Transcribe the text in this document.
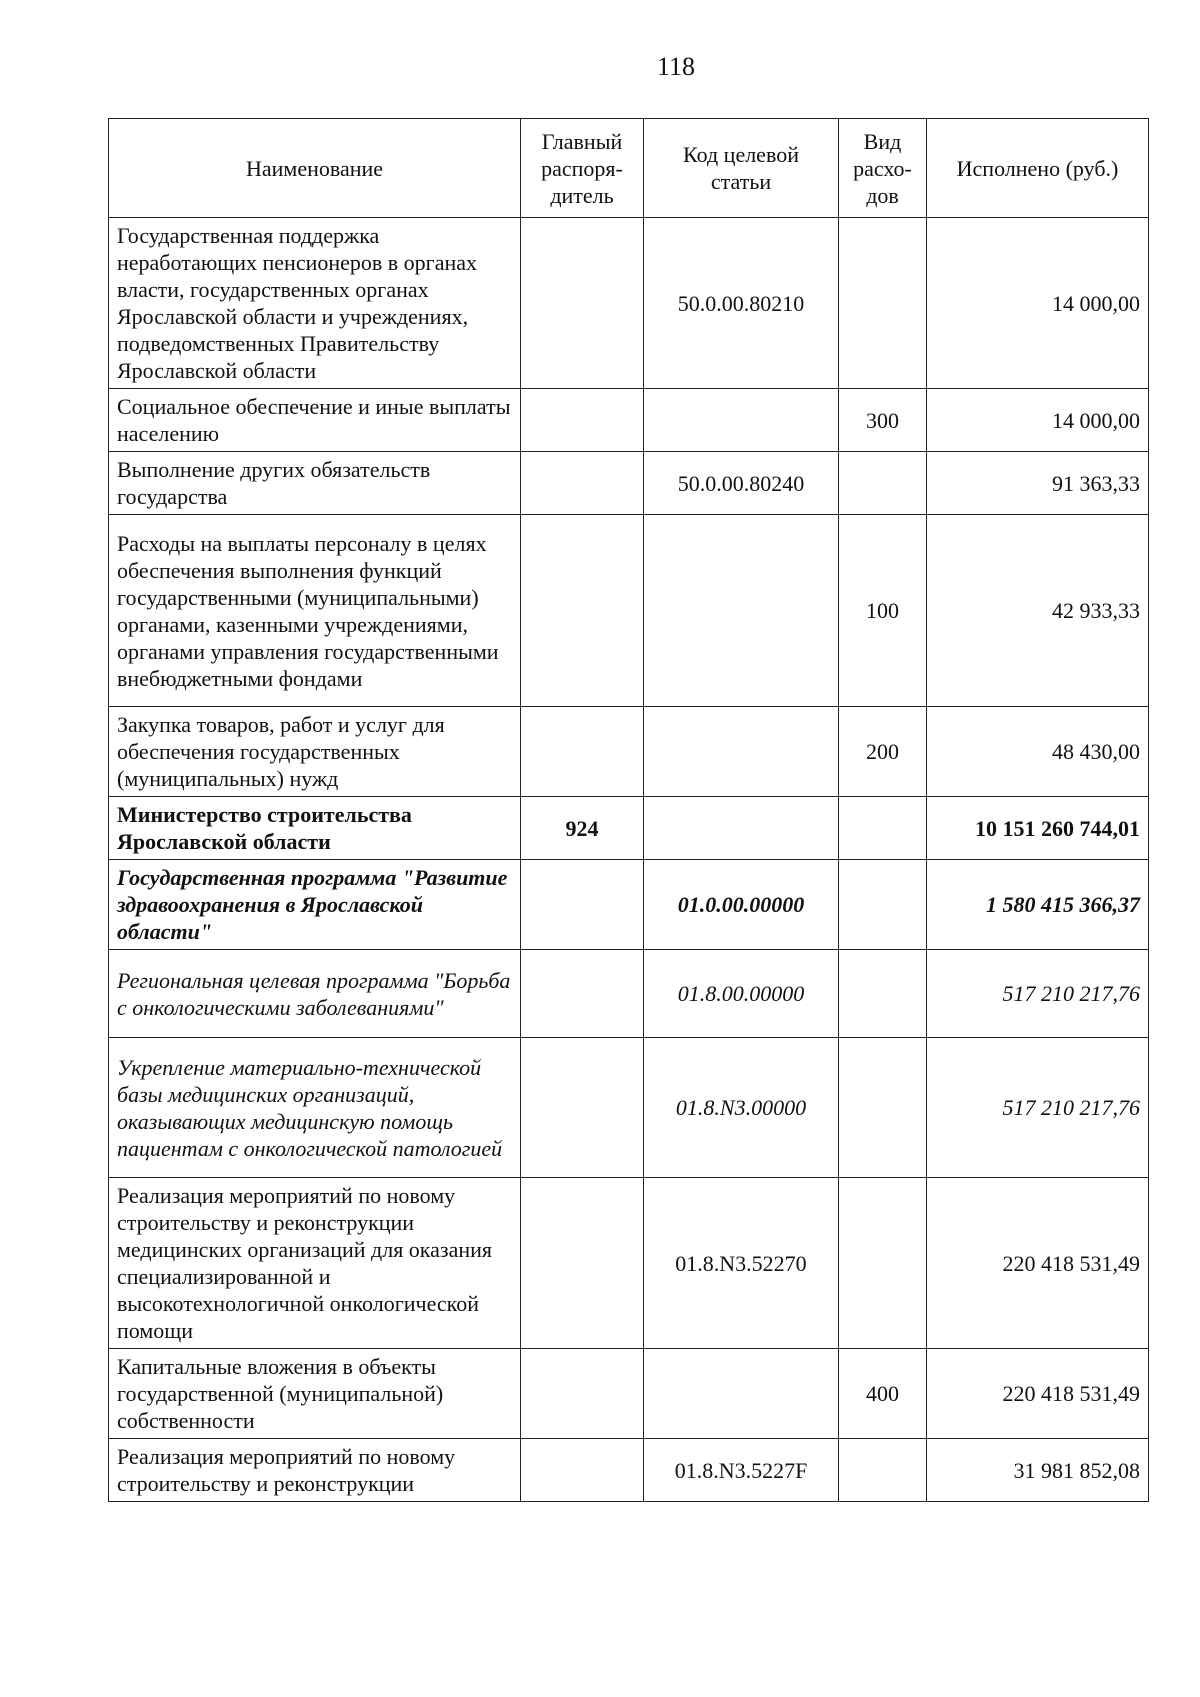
118
Наименование	Главный распоря-дитель	Код целевой статьи	Вид расхо-дов	Исполнено (руб.)
Государственная поддержка неработающих пенсионеров в органах власти, государственных органах Ярославской области и учреждениях, подведомственных Правительству Ярославской области		50.0.00.80210		14 000,00
Социальное обеспечение и иные выплаты населению			300	14 000,00
Выполнение других обязательств государства		50.0.00.80240		91 363,33
Расходы на выплаты персоналу в целях обеспечения выполнения функций государственными (муниципальными) органами, казенными учреждениями, органами управления государственными внебюджетными фондами			100	42 933,33
Закупка товаров, работ и услуг для обеспечения государственных (муниципальных) нужд			200	48 430,00
Министерство строительства Ярославской области	924			10 151 260 744,01
Государственная программа "Развитие здравоохранения в Ярославской области"		01.0.00.00000		1 580 415 366,37
Региональная целевая программа "Борьба с онкологическими заболеваниями"		01.8.00.00000		517 210 217,76
Укрепление материально-технической базы медицинских организаций, оказывающих медицинскую помощь пациентам с онкологической патологией		01.8.N3.00000		517 210 217,76
Реализация мероприятий по новому строительству и реконструкции медицинских организаций для оказания специализированной и высокотехнологичной онкологической помощи		01.8.N3.52270		220 418 531,49
Капитальные вложения в объекты государственной (муниципальной) собственности			400	220 418 531,49
Реализация мероприятий по новому строительству и реконструкции		01.8.N3.5227F		31 981 852,08
